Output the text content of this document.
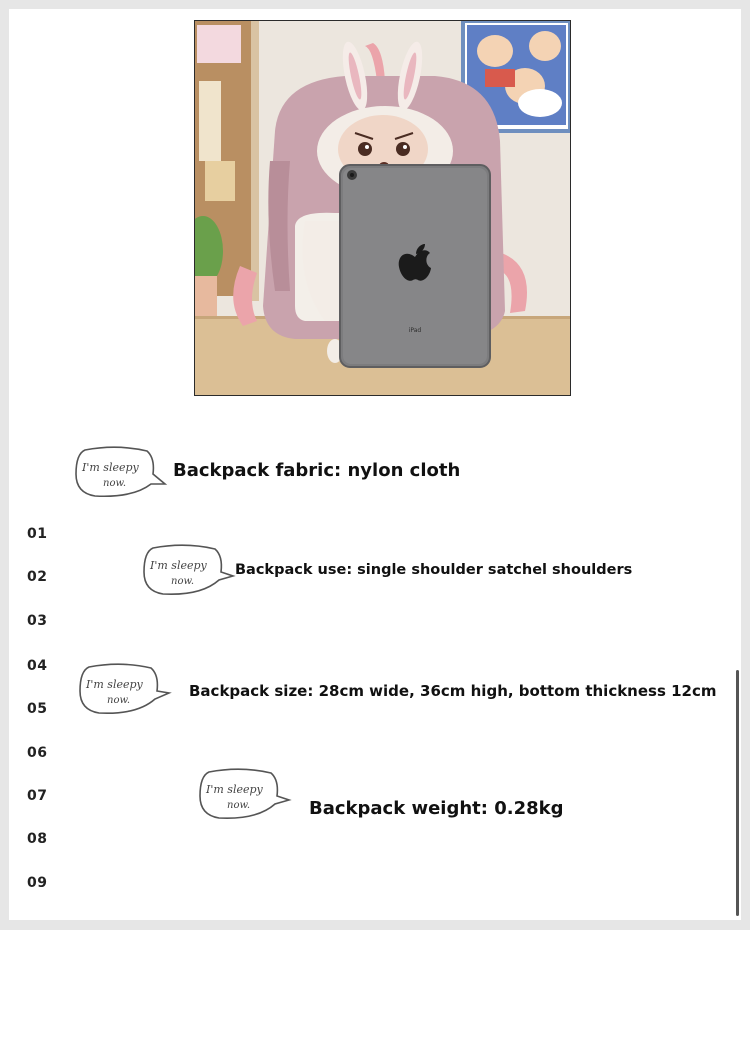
iPad
01
02
03
04
05
06
07
08
09
I'm sleepy
now.
Backpack fabric: nylon cloth
I'm sleepy
now.
Backpack use: single shoulder satchel shoulders
I'm sleepy
now.
Backpack size: 28cm wide, 36cm high, bottom thickness 12cm
I'm sleepy
now.	Backpack weight: 0.28kg
